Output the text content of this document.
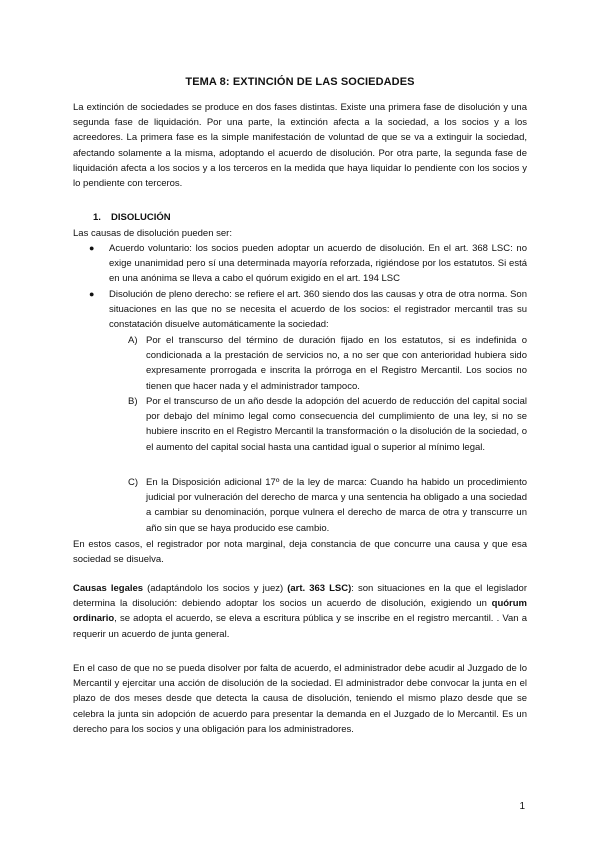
TEMA 8: EXTINCIÓN DE LAS SOCIEDADES
La extinción de sociedades se produce en dos fases distintas. Existe una primera fase de disolución y una segunda fase de liquidación. Por una parte, la extinción afecta a la sociedad, a los socios y a los acreedores. La primera fase es la simple manifestación de voluntad de que se va a extinguir la sociedad, afectando solamente a la misma, adoptando el acuerdo de disolución. Por otra parte, la segunda fase de liquidación afecta a los socios y a los terceros en la medida que haya liquidar lo pendiente con los socios y lo pendiente con terceros.
1. DISOLUCIÓN
Las causas de disolución pueden ser:
● Acuerdo voluntario: los socios pueden adoptar un acuerdo de disolución. En el art. 368 LSC: no exige unanimidad pero sí una determinada mayoría reforzada, rigiéndose por los estatutos. Si está en una anónima se lleva a cabo el quórum exigido en el art. 194 LSC
● Disolución de pleno derecho: se refiere el art. 360 siendo dos las causas y otra de otra norma. Son situaciones en las que no se necesita el acuerdo de los socios: el registrador mercantil tras su constatación disuelve automáticamente la sociedad:
A) Por el transcurso del término de duración fijado en los estatutos, si es indefinida o condicionada a la prestación de servicios no, a no ser que con anterioridad hubiera sido expresamente prorrogada e inscrita la prórroga en el Registro Mercantil. Los socios no tienen que hacer nada y el administrador tampoco.
B) Por el transcurso de un año desde la adopción del acuerdo de reducción del capital social por debajo del mínimo legal como consecuencia del cumplimiento de una ley, si no se hubiere inscrito en el Registro Mercantil la transformación o la disolución de la sociedad, o el aumento del capital social hasta una cantidad igual o superior al mínimo legal.
C) En la Disposición adicional 17º de la ley de marca: Cuando ha habido un procedimiento judicial por vulneración del derecho de marca y una sentencia ha obligado a una sociedad a cambiar su denominación, porque vulnera el derecho de marca de otra y transcurre un año sin que se haya producido ese cambio.
En estos casos, el registrador por nota marginal, deja constancia de que concurre una causa y que esa sociedad se disuelva.
Causas legales (adaptándolo los socios y juez) (art. 363 LSC): son situaciones en la que el legislador determina la disolución: debiendo adoptar los socios un acuerdo de disolución, exigiendo un quórum ordinario, se adopta el acuerdo, se eleva a escritura pública y se inscribe en el registro mercantil. . Van a requerir un acuerdo de junta general.
En el caso de que no se pueda disolver por falta de acuerdo, el administrador debe acudir al Juzgado de lo Mercantil y ejercitar una acción de disolución de la sociedad. El administrador debe convocar la junta en el plazo de dos meses desde que detecta la causa de disolución, teniendo el mismo plazo desde que se celebra la junta sin adopción de acuerdo para presentar la demanda en el Juzgado de lo Mercantil. Es un derecho para los socios y una obligación para los administradores.
1
